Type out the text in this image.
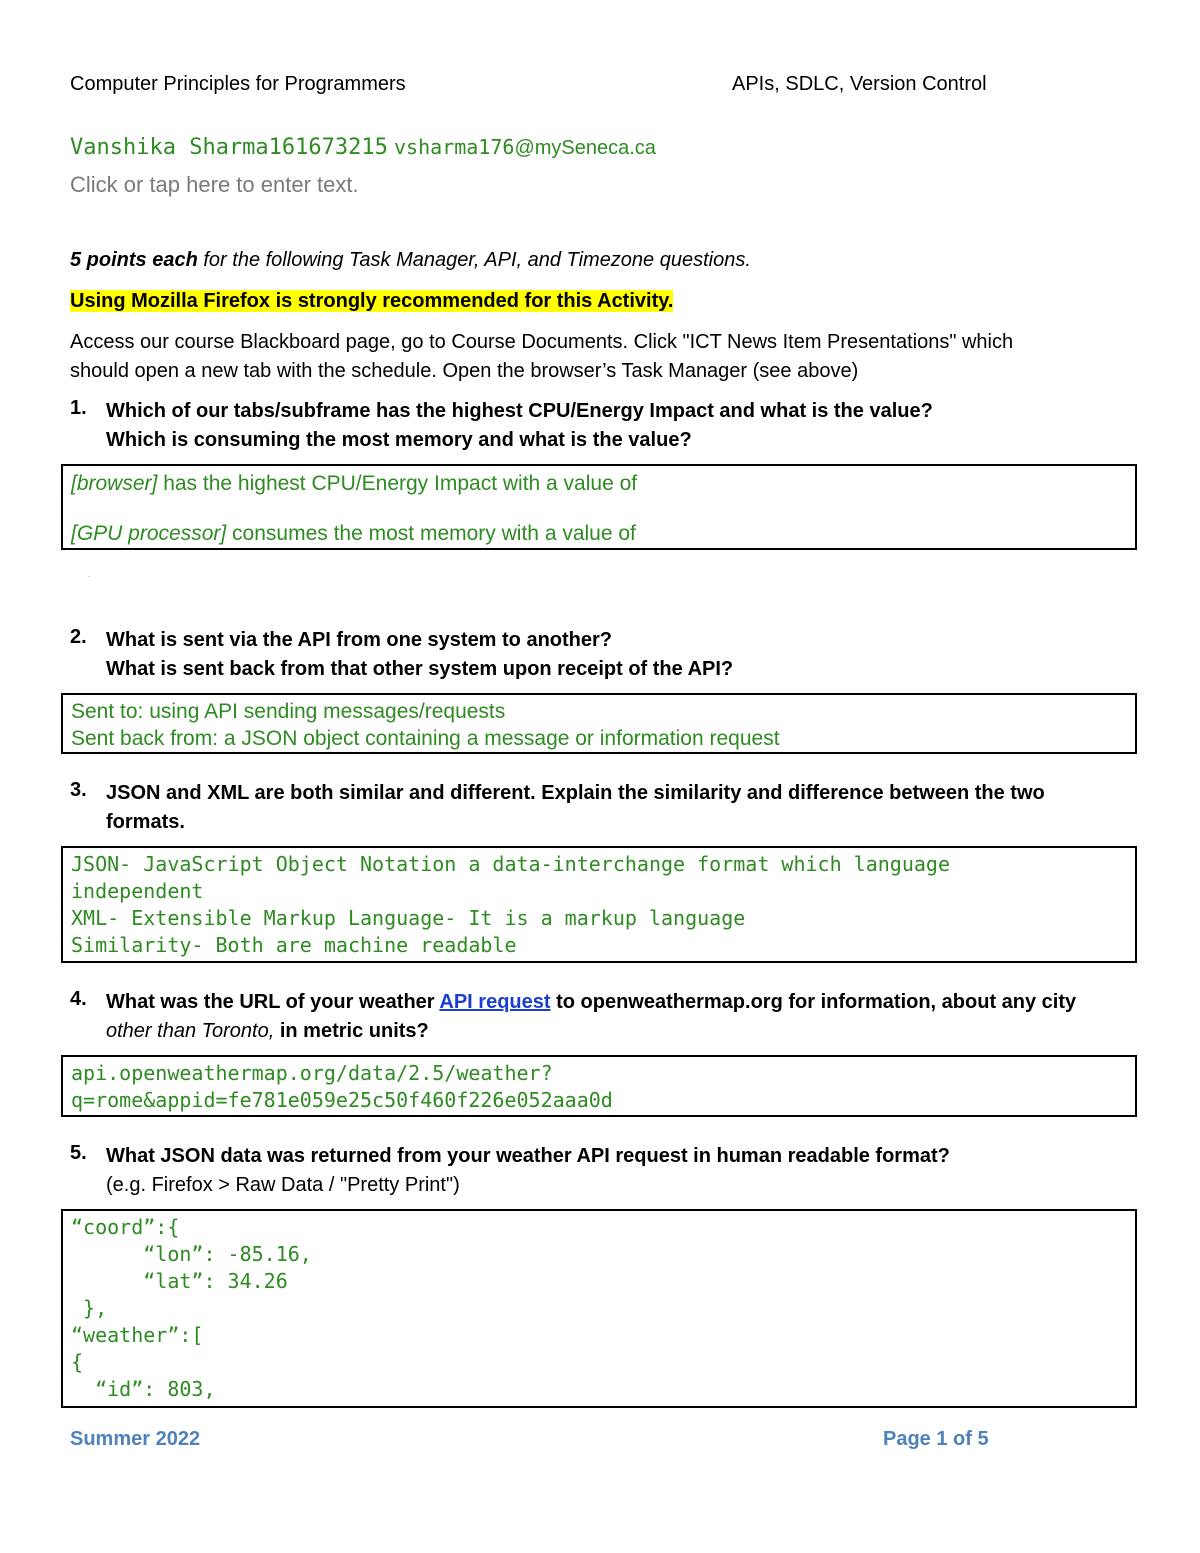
Computer Principles for Programmers	APIs, SDLC, Version Control
Vanshika Sharma161673215 vsharma176@mySeneca.ca
Click or tap here to enter text.
5 points each for the following Task Manager, API, and Timezone questions.
Using Mozilla Firefox is strongly recommended for this Activity.
Access our course Blackboard page, go to Course Documents. Click "ICT News Item Presentations" which
should open a new tab with the schedule. Open the browser’s Task Manager (see above)
1. Which of our tabs/subframe has the highest CPU/Energy Impact and what is the value?
Which is consuming the most memory and what is the value?
[browser] has the highest CPU/Energy Impact with a value of
[GPU processor] consumes the most memory with a value of
.
2. What is sent via the API from one system to another?
What is sent back from that other system upon receipt of the API?
Sent to: using API sending messages/requests
Sent back from: a JSON object containing a message or information request
3. JSON and XML are both similar and different. Explain the similarity and difference between the two
formats.
JSON- JavaScript Object Notation a data-interchange format which language
independent
XML- Extensible Markup Language- It is a markup language
Similarity- Both are machine readable
4. What was the URL of your weather API request to openweathermap.org for information, about any city
other than Toronto, in metric units?
api.openweathermap.org/data/2.5/weather?
q=rome&appid=fe781e059e25c50f460f226e052aaa0d
5. What JSON data was returned from your weather API request in human readable format?
(e.g. Firefox > Raw Data / "Pretty Print")
“coord”:{
“lon”: -85.16,
“lat”: 34.26
},
“weather”:[
{
“id”: 803,
Summer 2022	Page 1 of 5
